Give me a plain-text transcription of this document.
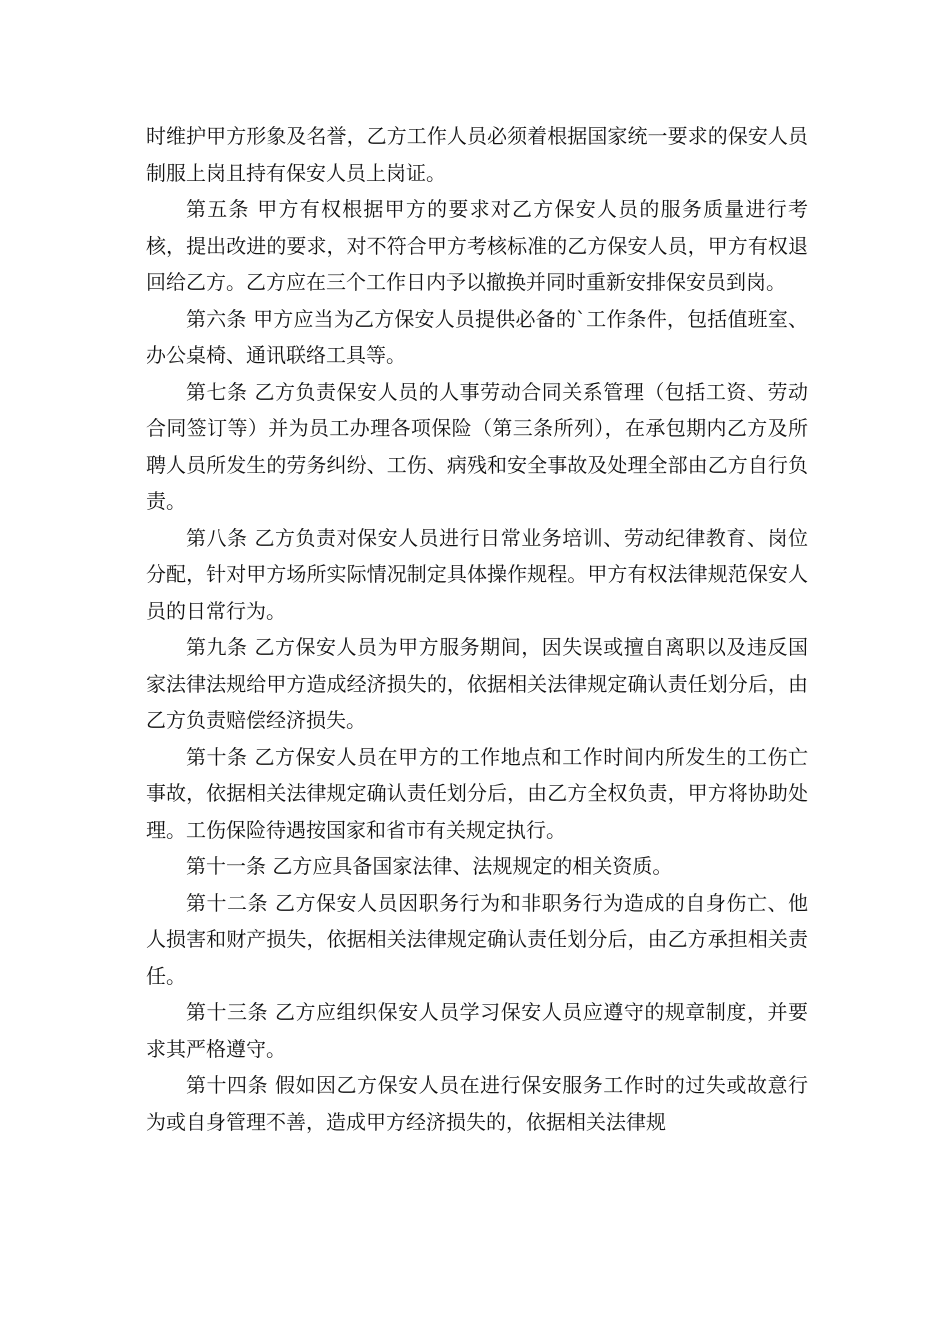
时维护甲方形象及名誉，乙方工作人员必须着根据国家统一要求的保安人员制服上岗且持有保安人员上岗证。

第五条 甲方有权根据甲方的要求对乙方保安人员的服务质量进行考核，提出改进的要求，对不符合甲方考核标准的乙方保安人员，甲方有权退回给乙方。乙方应在三个工作日内予以撤换并同时重新安排保安员到岗。

第六条 甲方应当为乙方保安人员提供必备的`工作条件，包括值班室、办公桌椅、通讯联络工具等。

第七条 乙方负责保安人员的人事劳动合同关系管理（包括工资、劳动合同签订等）并为员工办理各项保险（第三条所列），在承包期内乙方及所聘人员所发生的劳务纠纷、工伤、病残和安全事故及处理全部由乙方自行负责。

第八条 乙方负责对保安人员进行日常业务培训、劳动纪律教育、岗位分配，针对甲方场所实际情况制定具体操作规程。甲方有权法律规范保安人员的日常行为。

第九条 乙方保安人员为甲方服务期间，因失误或擅自离职以及违反国家法律法规给甲方造成经济损失的，依据相关法律规定确认责任划分后，由乙方负责赔偿经济损失。

第十条 乙方保安人员在甲方的工作地点和工作时间内所发生的工伤亡事故，依据相关法律规定确认责任划分后，由乙方全权负责，甲方将协助处理。工伤保险待遇按国家和省市有关规定执行。

第十一条 乙方应具备国家法律、法规规定的相关资质。

第十二条 乙方保安人员因职务行为和非职务行为造成的自身伤亡、他人损害和财产损失，依据相关法律规定确认责任划分后，由乙方承担相关责任。

第十三条 乙方应组织保安人员学习保安人员应遵守的规章制度，并要求其严格遵守。

第十四条 假如因乙方保安人员在进行保安服务工作时的过失或故意行为或自身管理不善，造成甲方经济损失的，依据相关法律规
